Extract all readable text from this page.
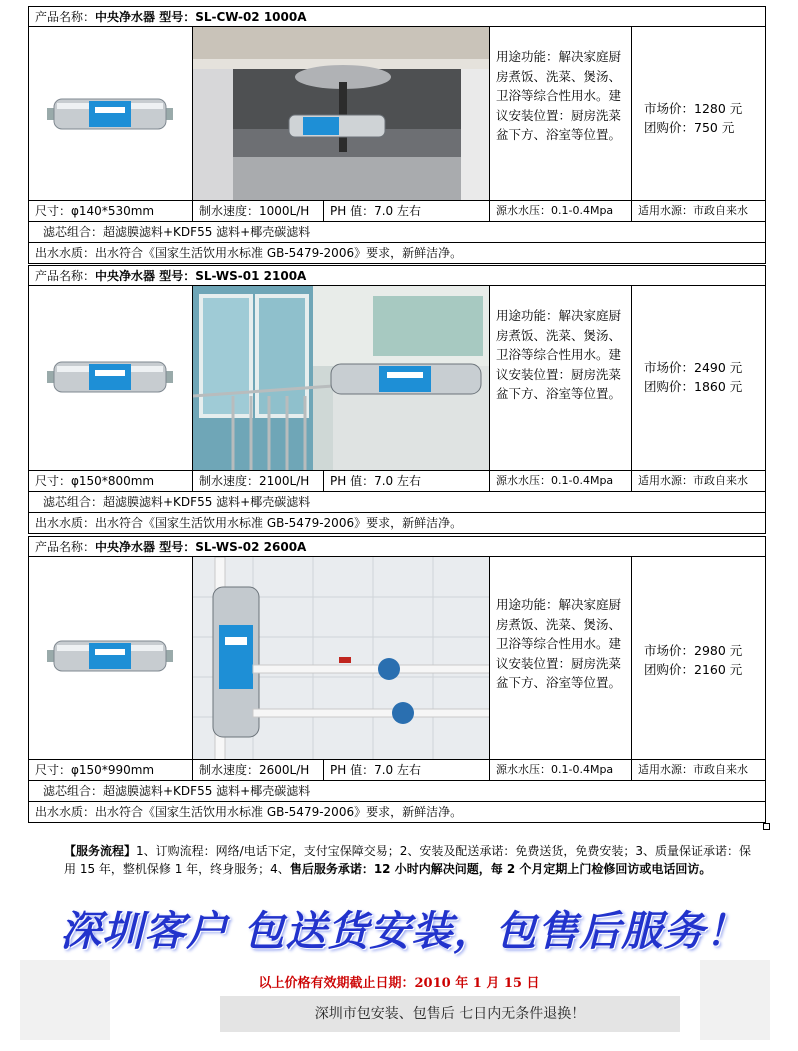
产品名称：中央净水器 型号：SL-CW-02 1000A
用途功能：解决家庭厨房煮饭、洗菜、煲汤、卫浴等综合性用水。建议安装位置：厨房洗菜盆下方、浴室等位置。
市场价：1280 元
团购价：750 元
尺寸：φ140*530mm	制水速度：1000L/H	PH 值：7.0 左右	源水水压：0.1-0.4Mpa	适用水源：市政自来水
滤芯组合：超滤膜滤料+KDF55 滤料+椰壳碳滤料
出水水质：出水符合《国家生活饮用水标准 GB-5479-2006》要求，新鲜洁净。
产品名称：中央净水器 型号：SL-WS-01 2100A
用途功能：解决家庭厨房煮饭、洗菜、煲汤、卫浴等综合性用水。建议安装位置：厨房洗菜盆下方、浴室等位置。
市场价：2490 元
团购价：1860 元
尺寸：φ150*800mm	制水速度：2100L/H	PH 值：7.0 左右	源水水压：0.1-0.4Mpa	适用水源：市政自来水
滤芯组合：超滤膜滤料+KDF55 滤料+椰壳碳滤料
出水水质：出水符合《国家生活饮用水标准 GB-5479-2006》要求，新鲜洁净。
产品名称：中央净水器 型号：SL-WS-02 2600A
用途功能：解决家庭厨房煮饭、洗菜、煲汤、卫浴等综合性用水。建议安装位置：厨房洗菜盆下方、浴室等位置。
市场价：2980 元
团购价：2160 元
尺寸：φ150*990mm	制水速度：2600L/H	PH 值：7.0 左右	源水水压：0.1-0.4Mpa	适用水源：市政自来水
滤芯组合：超滤膜滤料+KDF55 滤料+椰壳碳滤料
出水水质：出水符合《国家生活饮用水标准 GB-5479-2006》要求，新鲜洁净。
【服务流程】1、订购流程：网络/电话下定，支付宝保障交易；2、安装及配送承诺：免费送货，免费安装；3、质量保证承诺：保用 15 年，整机保修 1 年，终身服务；4、售后服务承诺：12 小时内解决问题，每 2 个月定期上门检修回访或电话回访。
深圳客户 包送货安装，包售后服务！
以上价格有效期截止日期：2010 年 1 月 15 日
深圳市包安装、包售后 七日内无条件退换！
